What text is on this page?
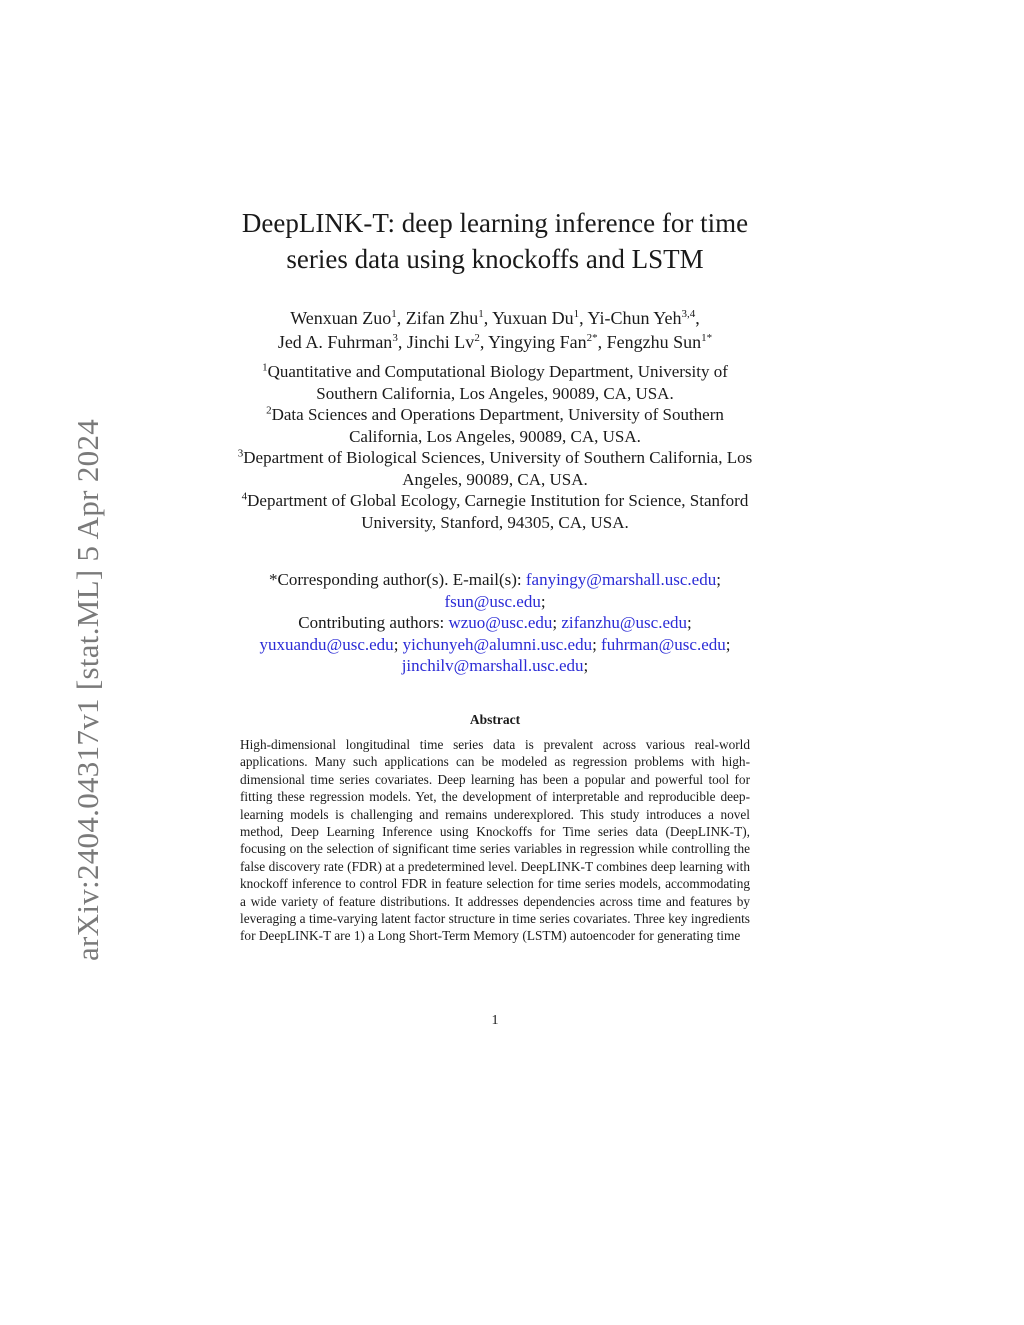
arXiv:2404.04317v1 [stat.ML] 5 Apr 2024
DeepLINK-T: deep learning inference for time
series data using knockoffs and LSTM
Wenxuan Zuo$^1$, Zifan Zhu$^1$, Yuxuan Du$^1$, Yi-Chun Yeh$^{3,4}$,
Jed A. Fuhrman$^3$, Jinchi Lv$^2$, Yingying Fan$^{2*}$, Fengzhu Sun$^{1*}$
$^1$Quantitative and Computational Biology Department, University of Southern California, Los Angeles, 90089, CA, USA.
$^2$Data Sciences and Operations Department, University of Southern California, Los Angeles, 90089, CA, USA.
$^3$Department of Biological Sciences, University of Southern California, Los Angeles, 90089, CA, USA.
$^4$Department of Global Ecology, Carnegie Institution for Science, Stanford University, Stanford, 94305, CA, USA.
*Corresponding author(s). E-mail(s): fanyingy@marshall.usc.edu;
fsun@usc.edu;
Contributing authors: wzuo@usc.edu; zifanzhu@usc.edu;
yuxuandu@usc.edu; yichunyeh@alumni.usc.edu; fuhrman@usc.edu;
jinchilv@marshall.usc.edu;
Abstract
High-dimensional longitudinal time series data is prevalent across various real-world applications. Many such applications can be modeled as regression problems with high-dimensional time series covariates. Deep learning has been a popular and powerful tool for fitting these regression models. Yet, the development of interpretable and reproducible deep-learning models is challenging and remains underexplored. This study introduces a novel method, Deep Learning Inference using Knockoffs for Time series data (DeepLINK-T), focusing on the selection of significant time series variables in regression while controlling the false discovery rate (FDR) at a predetermined level. DeepLINK-T combines deep learning with knockoff inference to control FDR in feature selection for time series models, accommodating a wide variety of feature distributions. It addresses dependencies across time and features by leveraging a time-varying latent factor structure in time series covariates. Three key ingredients for DeepLINK-T are 1) a Long Short-Term Memory (LSTM) autoencoder for generating time
1
